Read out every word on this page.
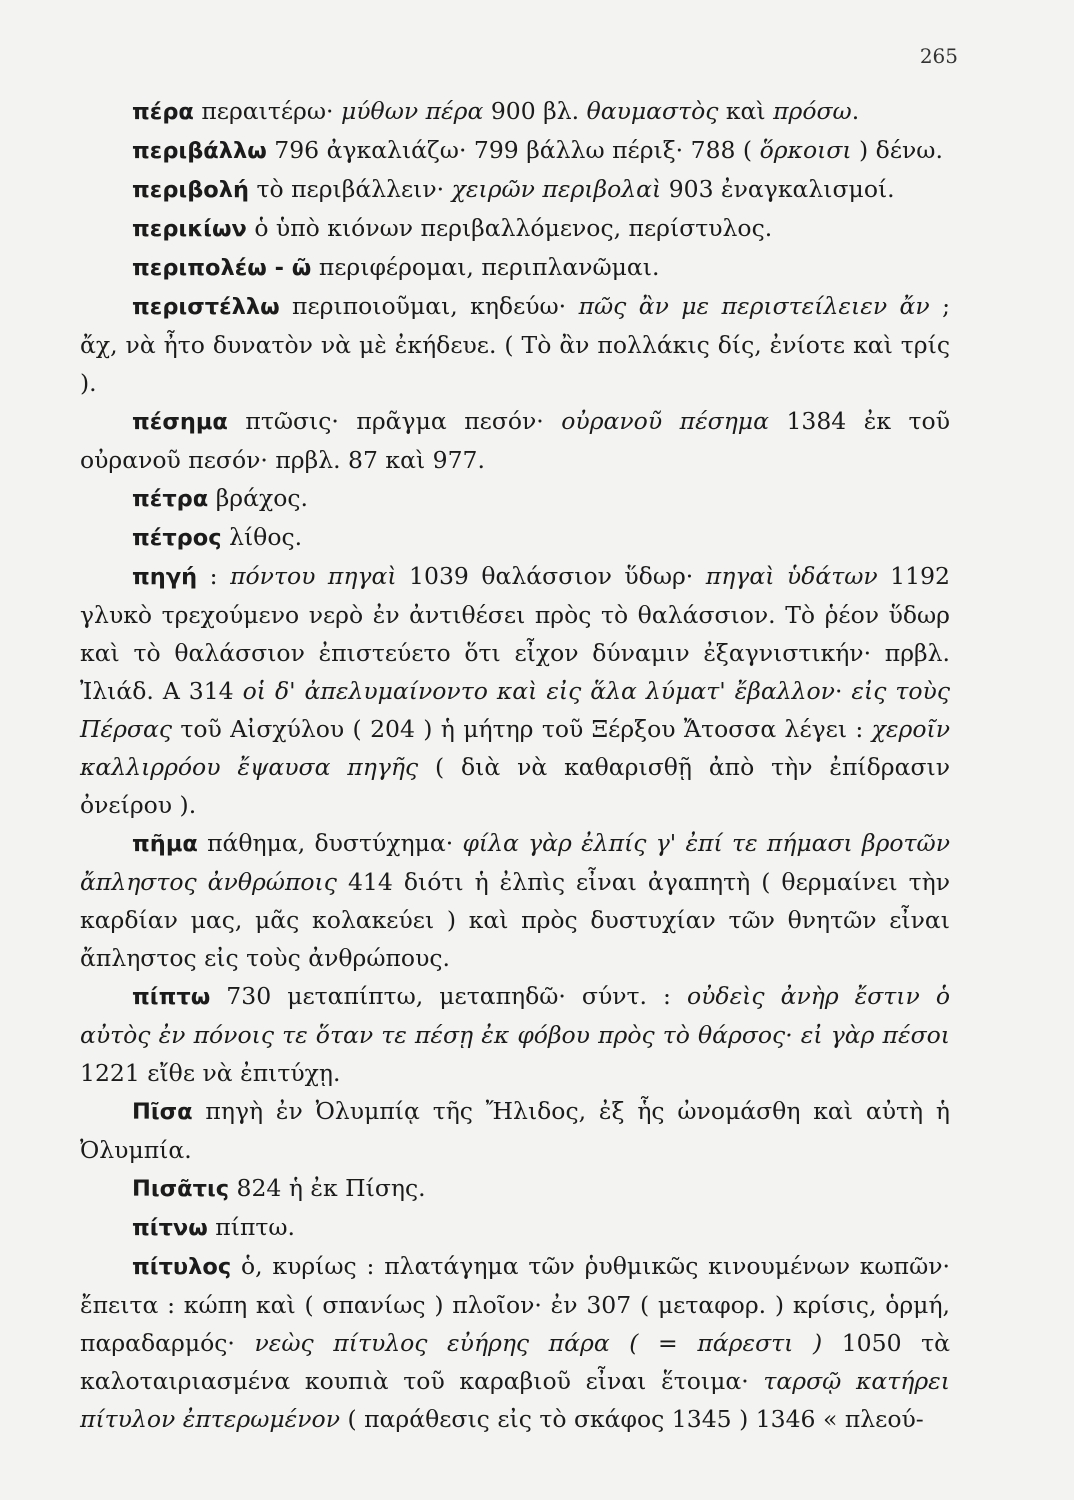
265

πέρα περαιτέρω· μύθων πέρα 900 βλ. θαυμαστὸς καὶ πρόσω.

περιβάλλω 796 ἀγκαλιάζω· 799 βάλλω πέριξ· 788 ( ὅρκοισι ) δένω.

περιβολή τὸ περιβάλλειν· χειρῶν περιβολαὶ 903 ἐναγκαλισμοί.

περικίων ὁ ὑπὸ κιόνων περιβαλλόμενος, περίστυλος.

περιπολέω - ῶ περιφέρομαι, περιπλανῶμαι.

περιστέλλω περιποιοῦμαι, κηδεύω· πῶς ἂν με περιστείλειεν ἄν ; ἄχ, νὰ ἦτο δυνατὸν νὰ μὲ ἐκήδευε. ( Τὸ ἂν πολλάκις δίς, ἐνίοτε καὶ τρίς ).

πέσημα πτῶσις· πρᾶγμα πεσόν· οὐρανοῦ πέσημα 1384 ἐκ τοῦ οὐρανοῦ πεσόν· πρβλ. 87 καὶ 977.

πέτρα βράχος.

πέτρος λίθος.

πηγή : πόντου πηγαὶ 1039 θαλάσσιον ὕδωρ· πηγαὶ ὑδάτων 1192 γλυκὸ τρεχούμενο νερὸ ἐν ἀντιθέσει πρὸς τὸ θαλάσσιον. Τὸ ῥέον ὕδωρ καὶ τὸ θαλάσσιον ἐπιστεύετο ὅτι εἶχον δύναμιν ἐξαγνιστικήν· πρβλ. Ἰλιάδ. Α 314 οἱ δ' ἀπελυμαίνοντο καὶ εἰς ἅλα λύματ' ἔβαλλον· εἰς τοὺς Πέρσας τοῦ Αἰσχύλου ( 204 ) ἡ μήτηρ τοῦ Ξέρξου Ἄτοσσα λέγει : χεροῖν καλλιρρόου ἔψαυσα πηγῆς ( διὰ νὰ καθαρισθῇ ἀπὸ τὴν ἐπίδρασιν ὀνείρου ).

πῆμα πάθημα, δυστύχημα· φίλα γὰρ ἐλπίς γ' ἐπί τε πήμασι βροτῶν ἄπληστος ἀνθρώποις 414 διότι ἡ ἐλπὶς εἶναι ἀγαπητὴ ( θερμαίνει τὴν καρδίαν μας, μᾶς κολακεύει ) καὶ πρὸς δυστυχίαν τῶν θνητῶν εἶναι ἄπληστος εἰς τοὺς ἀνθρώπους.

πίπτω 730 μεταπίπτω, μεταπηδῶ· σύντ. : οὐδεὶς ἀνὴρ ἔστιν ὁ αὐτὸς ἐν πόνοις τε ὅταν τε πέσῃ ἐκ φόβου πρὸς τὸ θάρσος· εἰ γὰρ πέσοι 1221 εἴθε νὰ ἐπιτύχῃ.

Πῖσα πηγὴ ἐν Ὀλυμπίᾳ τῆς Ἤλιδος, ἐξ ἧς ὠνομάσθη καὶ αὐτὴ ἡ Ὀλυμπία.

Πισᾶτις 824 ἡ ἐκ Πίσης.

πίτνω πίπτω.

πίτυλος ὁ, κυρίως : πλατάγημα τῶν ῥυθμικῶς κινουμένων κωπῶν· ἔπειτα : κώπη καὶ ( σπανίως ) πλοῖον· ἐν 307 ( μεταφορ. ) κρίσις, ὁρμή, παραδαρμός· νεὼς πίτυλος εὐήρης πάρα ( = πάρεστι ) 1050 τὰ καλοταιριασμένα κουπιὰ τοῦ καραβιοῦ εἶναι ἕτοιμα· ταρσῷ κατήρει πίτυλον ἐπτερωμένον ( παράθεσις εἰς τὸ σκάφος 1345 ) 1346 « πλεού-
